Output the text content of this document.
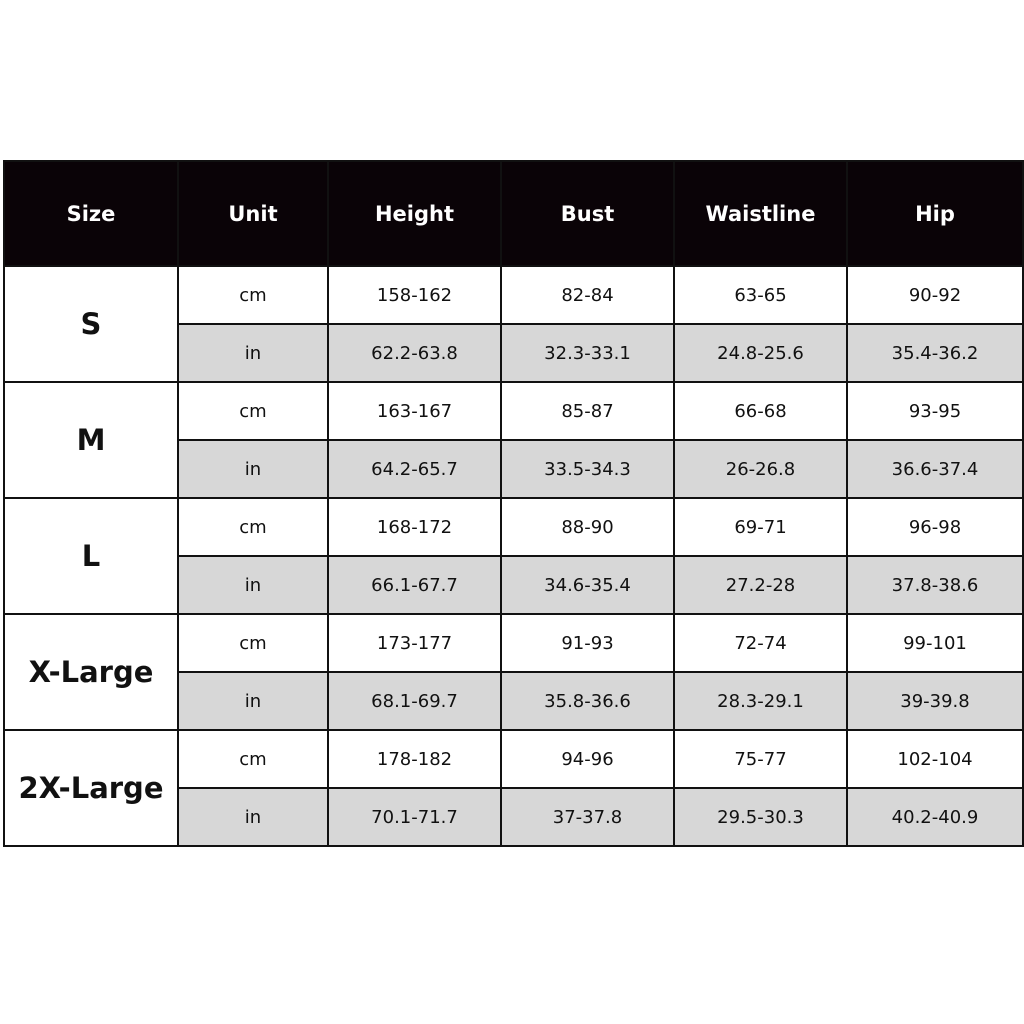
Size	Unit	Height	Bust	Waistline	Hip
S	cm	158-162	82-84	63-65	90-92
	in	62.2-63.8	32.3-33.1	24.8-25.6	35.4-36.2
M	cm	163-167	85-87	66-68	93-95
	in	64.2-65.7	33.5-34.3	26-26.8	36.6-37.4
L	cm	168-172	88-90	69-71	96-98
	in	66.1-67.7	34.6-35.4	27.2-28	37.8-38.6
X-Large	cm	173-177	91-93	72-74	99-101
	in	68.1-69.7	35.8-36.6	28.3-29.1	39-39.8
2X-Large	cm	178-182	94-96	75-77	102-104
	in	70.1-71.7	37-37.8	29.5-30.3	40.2-40.9
